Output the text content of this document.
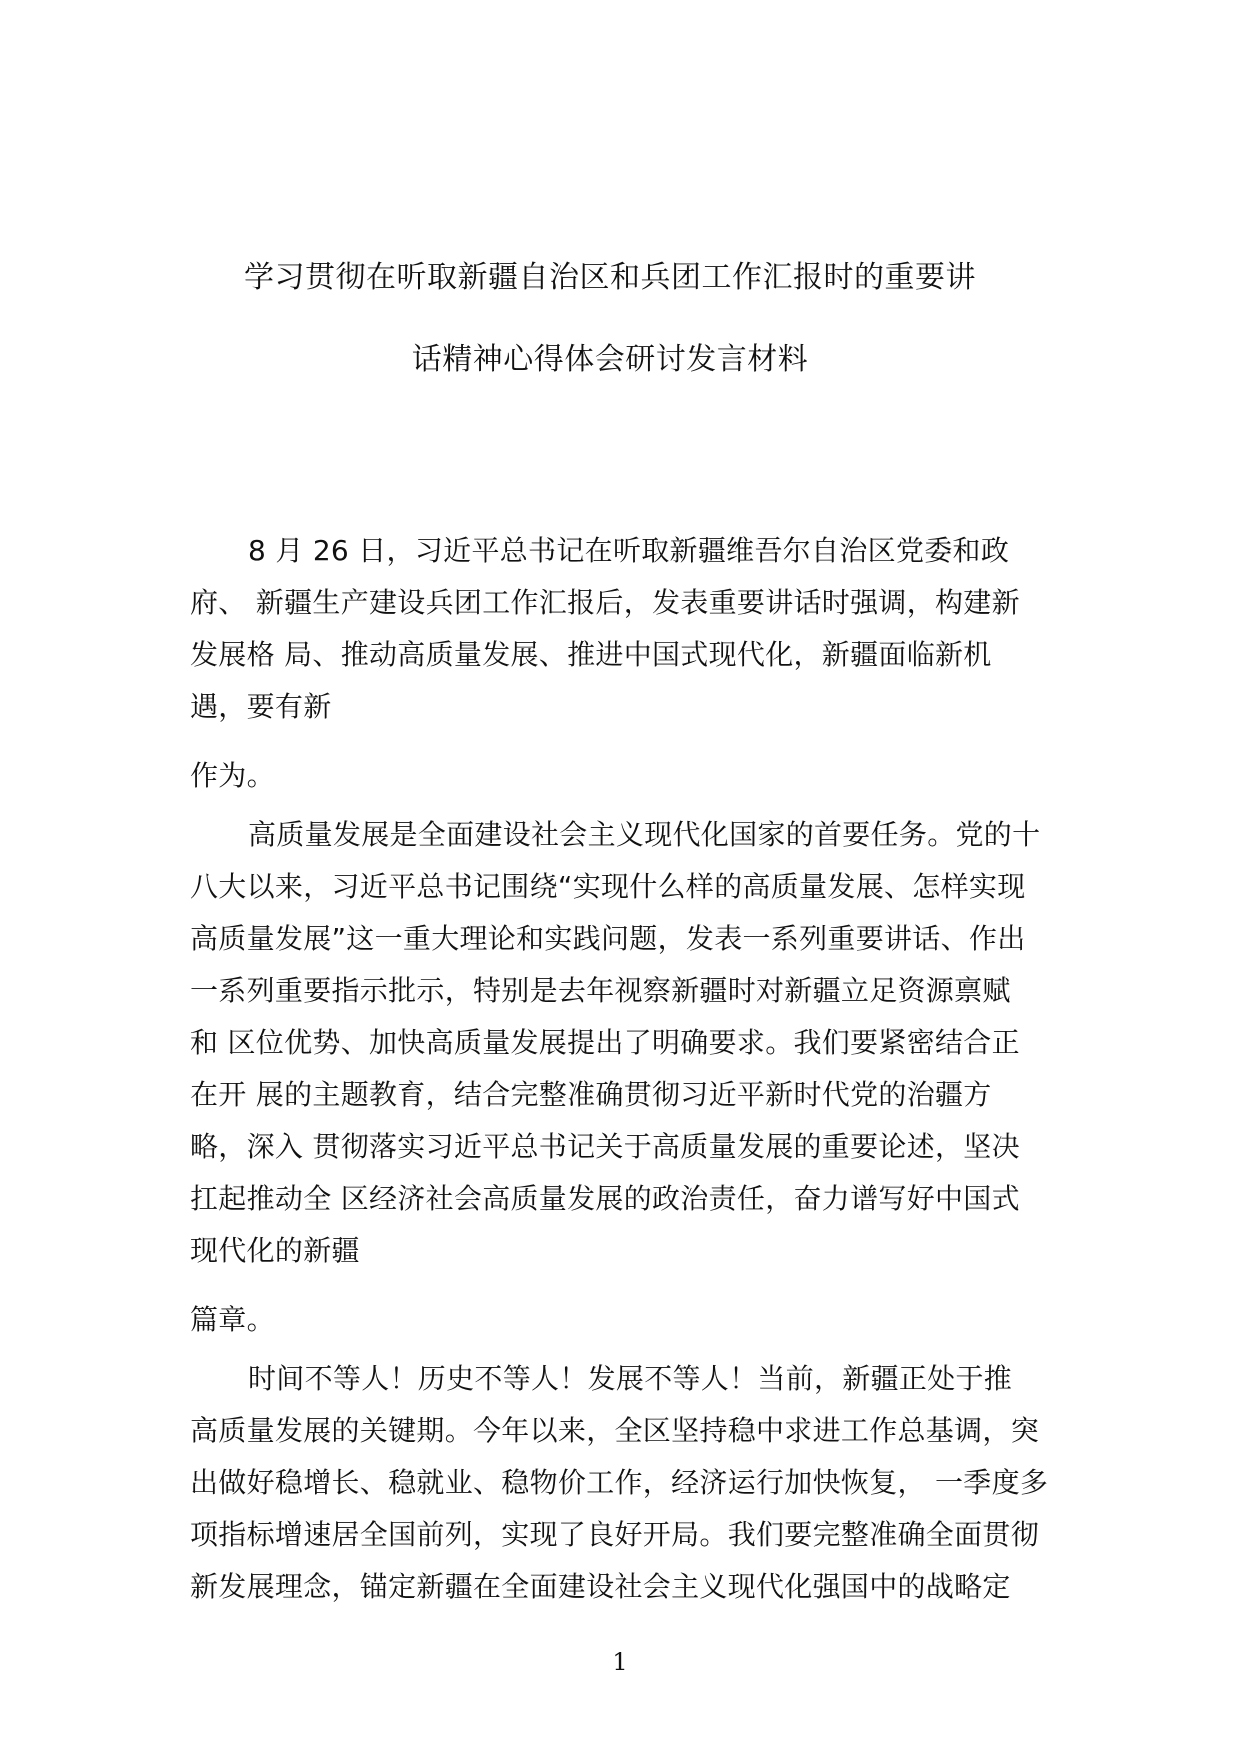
学习贯彻在听取新疆自治区和兵团工作汇报时的重要讲
话精神心得体会研讨发言材料
8 月 26 日，习近平总书记在听取新疆维吾尔自治区党委和政
府、 新疆生产建设兵团工作汇报后，发表重要讲话时强调，构建新
发展格 局、推动高质量发展、推进中国式现代化，新疆面临新机
遇，要有新
作为。
高质量发展是全面建设社会主义现代化国家的首要任务。党的十
八大以来，习近平总书记围绕“实现什么样的高质量发展、怎样实现
高质量发展”这一重大理论和实践问题，发表一系列重要讲话、作出
一系列重要指示批示，特别是去年视察新疆时对新疆立足资源禀赋
和 区位优势、加快高质量发展提出了明确要求。我们要紧密结合正
在开 展的主题教育，结合完整准确贯彻习近平新时代党的治疆方
略，深入 贯彻落实习近平总书记关于高质量发展的重要论述，坚决
扛起推动全 区经济社会高质量发展的政治责任，奋力谱写好中国式
现代化的新疆
篇章。
时间不等人！历史不等人！发展不等人！当前，新疆正处于推
高质量发展的关键期。今年以来，全区坚持稳中求进工作总基调，突
出做好稳增长、稳就业、稳物价工作，经济运行加快恢复， 一季度多
项指标增速居全国前列，实现了良好开局。我们要完整准确全面贯彻
新发展理念，锚定新疆在全面建设社会主义现代化强国中的战略定
1
